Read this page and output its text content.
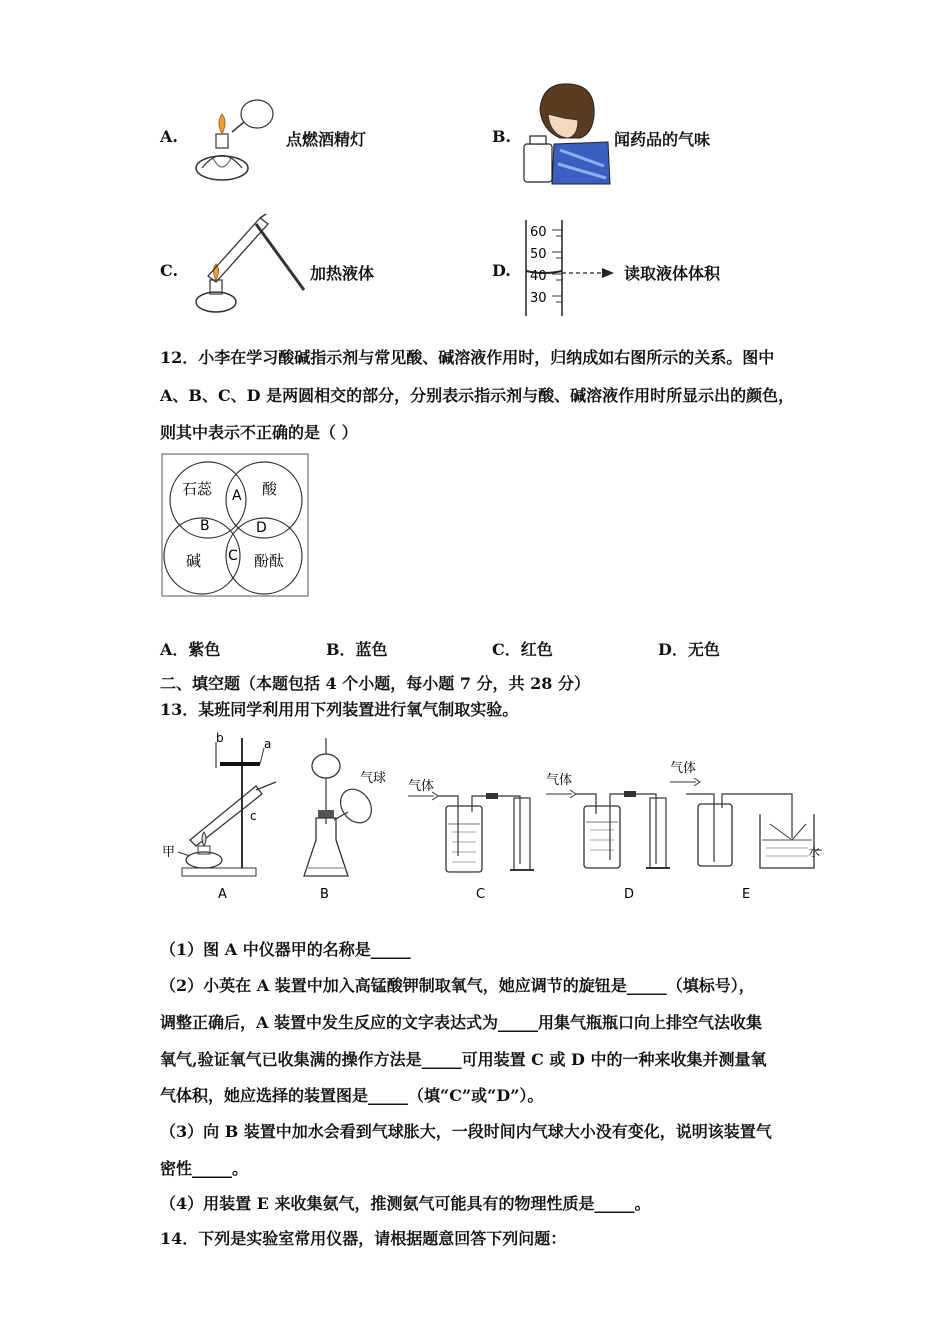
A.	点燃酒精灯	B.	闻药品的气味
C.	加热液体	D.
60
50
40
30
读取液体体积
12．小李在学习酸碱指示剂与常见酸、碱溶液作用时，归纳成如右图所示的关系。图中
A、B、C、D 是两圆相交的部分，分别表示指示剂与酸、碱溶液作用时所显示出的颜色，
则其中表示不正确的是（ ）
石蕊	酸
碱	酚酞
A
B
C
D
A．紫色	B．蓝色	C．红色	D．无色
二、填空题（本题包括 4 个小题，每小题 7 分，共 28 分）
13．某班同学利用用下列装置进行氧气制取实验。
b	a
c
甲
A
气球
B
气体
C
气体
D
气体
水
E
（1）图 A 中仪器甲的名称是_____
（2）小英在 A 装置中加入高锰酸钾制取氧气，她应调节的旋钮是_____（填标号），
调整正确后，A 装置中发生反应的文字表达式为_____用集气瓶瓶口向上排空气法收集
氧气,验证氧气已收集满的操作方法是_____可用装置 C 或 D 中的一种来收集并测量氧
气体积，她应选择的装置图是_____（填“C”或“D”）。
（3）向 B 装置中加水会看到气球胀大，一段时间内气球大小没有变化，说明该装置气
密性_____。
（4）用装置 E 来收集氨气，推测氨气可能具有的物理性质是_____。
14．下列是实验室常用仪器，请根据题意回答下列问题：
